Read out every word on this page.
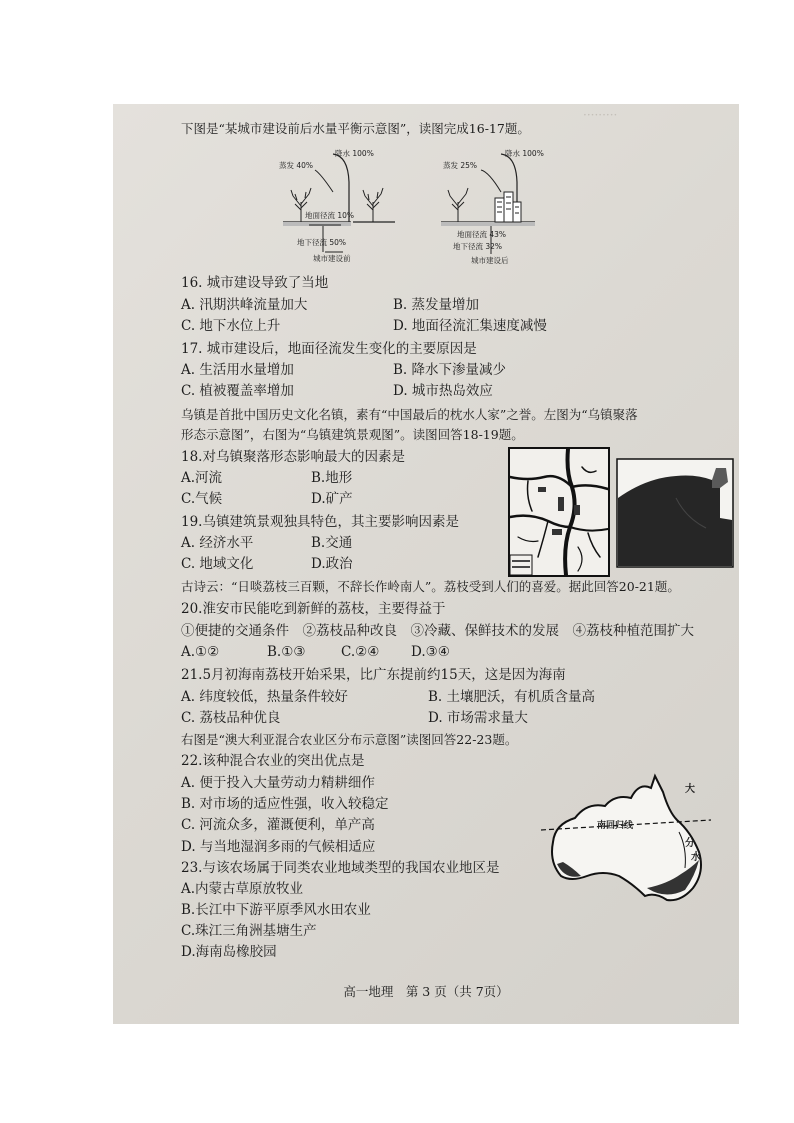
·········
下图是“某城市建设前后水量平衡示意图”，读图完成16-17题。
降水 100%
蒸发 40%
地面径流 10%
地下径流 50%
城市建设前
降水 100%
蒸发 25%
地面径流 43%
地下径流 32%
城市建设后
16. 城市建设导致了当地
A. 汛期洪峰流量加大	B. 蒸发量增加
C. 地下水位上升	D. 地面径流汇集速度减慢
17. 城市建设后，地面径流发生变化的主要原因是
A. 生活用水量增加	B. 降水下渗量减少
C. 植被覆盖率增加	D. 城市热岛效应
乌镇是首批中国历史文化名镇，素有“中国最后的枕水人家”之誉。左图为“乌镇聚落
形态示意图”，右图为“乌镇建筑景观图”。读图回答18-19题。
18.对乌镇聚落形态影响最大的因素是
A.河流	B.地形
C.气候	D.矿产
19.乌镇建筑景观独具特色，其主要影响因素是
A. 经济水平	B.交通
C. 地域文化	D.政治
古诗云：“日啖荔枝三百颗，不辞长作岭南人”。荔枝受到人们的喜爱。据此回答20-21题。
20.淮安市民能吃到新鲜的荔枝，主要得益于
①便捷的交通条件　②荔枝品种改良　③冷藏、保鲜技术的发展　④荔枝种植范围扩大
A.①②	B.①③	C.②④ D.③④
21.5月初海南荔枝开始采果，比广东提前约15天，这是因为海南
A. 纬度较低，热量条件较好	B. 土壤肥沃，有机质含量高
C. 荔枝品种优良	D. 市场需求量大
右图是“澳大利亚混合农业区分布示意图”读图回答22-23题。
22.该种混合农业的突出优点是
A. 便于投入大量劳动力精耕细作
B. 对市场的适应性强，收入较稳定
C. 河流众多，灌溉便利，单产高
D. 与当地湿润多雨的气候相适应
23.与该农场属于同类农业地域类型的我国农业地区是
A.内蒙古草原放牧业
B.长江中下游平原季风水田农业
C.珠江三角洲基塘生产
D.海南岛橡胶园
南回归线
大
分
水
高一地理　第 3 页（共 7页）
